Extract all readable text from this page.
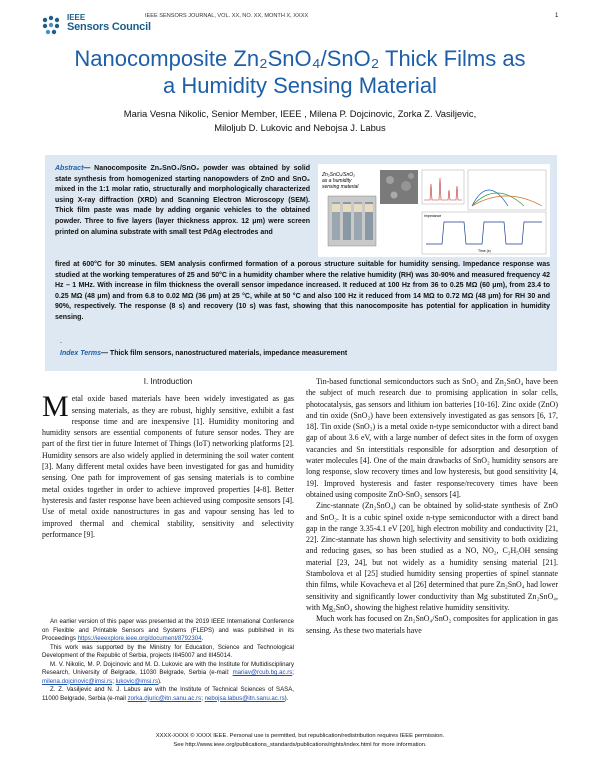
IEEE
Sensors Council
IEEE SENSORS JOURNAL, VOL. XX, NO. XX, MONTH X, XXXX	1
Nanocomposite Zn₂SnO₄/SnO₂ Thick Films as
a Humidity Sensing Material
Maria Vesna Nikolic, Senior Member, IEEE , Milena P. Dojcinovic, Zorka Z. Vasiljevic,
Miloljub D. Lukovic and Nebojsa J. Labus
Abstract— Nanocomposite Zn₂SnO₄/SnO₂ powder was obtained by solid state synthesis from homogenized starting nanopowders of ZnO and SnO₂ mixed in the 1:1 molar ratio, structurally and morphologically characterized using X-ray diffraction (XRD) and Scanning Electron Microscopy (SEM). Thick film paste was made by adding organic vehicles to the obtained powder. Three to five layers (layer thickness approx. 12 μm) were screen printed on alumina substrate with small test PdAg electrodes and
Zn₂SnO₄/SnO₂
as a humidity
sensing material
Time (s)
Impedance
fired at 600°C for 30 minutes. SEM analysis confirmed formation of a porous structure suitable for humidity sensing. Impedance response was studied at the working temperatures of 25 and 50°C in a humidity chamber where the relative humidity (RH) was 30-90% and measured frequency 42 Hz – 1 MHz. With increase in film thickness the overall sensor impedance increased. It reduced at 100 Hz from 36 to 0.25 MΩ (60 μm), from 23.4 to 0.25 MΩ (48 μm) and from 6.8 to 0.02 MΩ (36 μm) at 25 °C, while at 50 °C and also 100 Hz it reduced from 14 MΩ to 0.72 MΩ (48 μm) for RH 30 and 90%, respectively. The response (8 s) and recovery (10 s) was fast, showing that this nanocomposite has potential for application in humidity sensing.
.
Index Terms— Thick film sensors, nanostructured materials, impedance measurement
I. Introduction
Metal oxide based materials have been widely investigated as gas sensing materials, as they are robust, highly sensitive, exhibit a fast response time and are inexpensive [1]. Humidity monitoring and humidity sensors are essential components of future sensor nodes. They are part of the first tier in future Internet of Things (IoT) networking platforms [2]. Humidity sensors are also widely applied in determining the soil water content [3]. Many different metal oxides have been investigated for gas and humidity sensing. One path for improvement of gas sensing materials is to combine metal oxides together in order to achieve improved properties [4-8]. Better hysteresis and faster response have been achieved using composite sensors [4]. Use of metal oxide nanostructures in gas and vapour sensing has led to improved thermal and chemical stability, sensitivity and selectivity performance [9].

An earlier version of this paper was presented at the 2019 IEEE International Conference on Flexible and Printable Sensors and Systems (FLEPS) and was published in its Proceedings https://ieeexplore.ieee.org/document/8792304.

This work was supported by the Ministry for Education, Science and Technological Development of the Republic of Serbia, projects III45007 and III45014.

M. V. Nikolic, M. P. Dojcinovic and M. D. Lukovic are with the Institute for Multidisciplinary Research, University of Belgrade, 11030 Belgrade, Serbia (e-mail: mariav@rcub.bg.ac.rs; milena.dojcinovic@imsi.rs; lukovic@imsi.rs).

Z. Z. Vasiljevic and N. J. Labus are with the Institute of Technical Sciences of SASA, 11000 Belgrade, Serbia (e-mail zorka.djuric@itn.sanu.ac.rs; nebojsa.labus@itn.sanu.ac.rs).

Tin-based functional semiconductors such as SnO₂ and Zn₂SnO₄ have been the subject of much research due to promising application in solar cells, photocatalysis, gas sensors and lithium ion batteries [10-16]. Zinc oxide (ZnO) and tin oxide (SnO₂) have been extensively investigated as gas sensors [6, 17, 18]. Tin oxide (SnO₂) is a metal oxide n-type semiconductor with a direct band gap of about 3.6 eV, with a large number of defect sites in the form of oxygen vacancies and Sn interstitials responsible for adsorption and desorption of water molecules [4]. One of the main drawbacks of SnO₂ humidity sensors are long response, slow recovery times and low hysteresis, but good sensitivity [4, 19]. Improved hysteresis and faster response/recovery times have been obtained using composite ZnO-SnO₂ sensors [4].

Zinc-stannate (Zn₂SnO₄) can be obtained by solid-state synthesis of ZnO and SnO₂. It is a cubic spinel oxide n-type semiconductor with a direct band gap in the range 3.35-4.1 eV [20], high electron mobility and conductivity [21, 22]. Zinc-stannate has shown high selectivity and sensitivity to both oxidizing and reducing gases, so has been studied as a NO, NO₂, C₂H₅OH sensing material [23, 24], but not widely as a humidity sensing material [21]. Stambolova et al [25] studied humidity sensing properties of spinel stannate thin films, while Kovacheva et al [26] determined that pure Zn₂SnO₄ had lower sensitivity and significantly lower conductivity than Mg substituted Zn₂SnO₄, with Mg₂SnO₄ showing the highest relative humidity sensitivity.

Much work has focused on Zn₂SnO₄/SnO₂ composites for application in gas sensing. As these two materials have

XXXX-XXXX © XXXX IEEE. Personal use is permitted, but republication/redistribution requires IEEE permission.
See http://www.ieee.org/publications_standards/publications/rights/index.html for more information.
